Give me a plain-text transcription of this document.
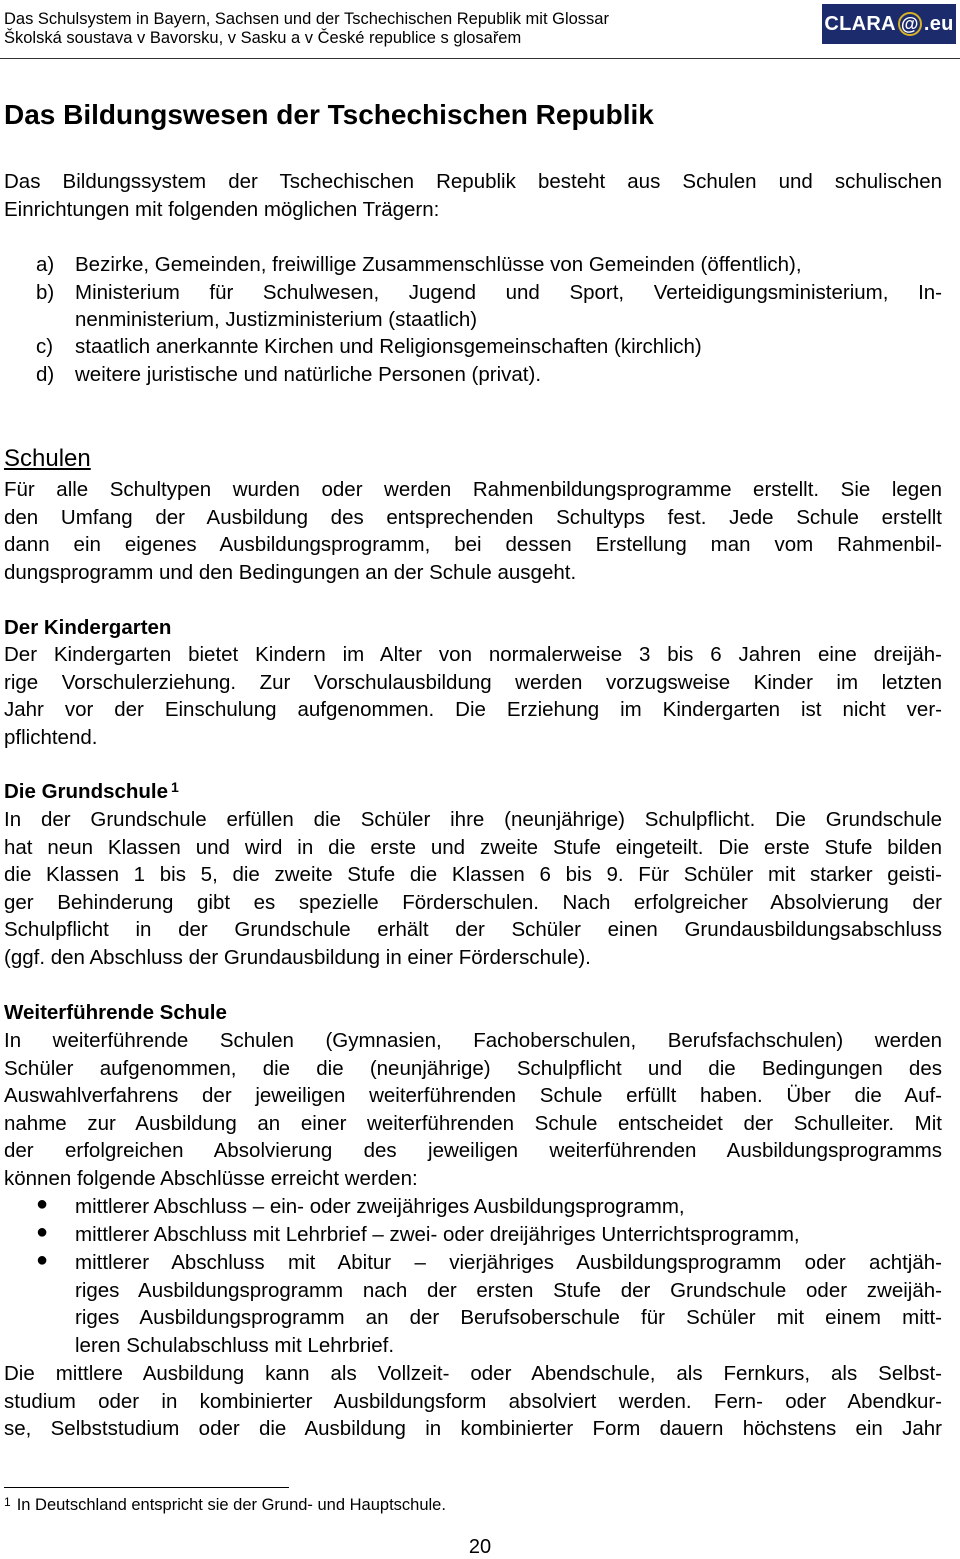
Das Schulsystem in Bayern, Sachsen und der Tschechischen Republik mit Glossar
Školská soustava v Bavorsku, v Sasku a v České republice s glosařem
CLARA @ .eu
Das Bildungswesen der Tschechischen Republik
Das Bildungssystem der Tschechischen Republik besteht aus Schulen und schulischen
Einrichtungen mit folgenden möglichen Trägern:
a) Bezirke, Gemeinden, freiwillige Zusammenschlüsse von Gemeinden (öffentlich),
b) Ministerium für Schulwesen, Jugend und Sport, Verteidigungsministerium, In-
nenministerium, Justizministerium (staatlich)
c) staatlich anerkannte Kirchen und Religionsgemeinschaften (kirchlich)
d) weitere juristische und natürliche Personen (privat).
Schulen
Für alle Schultypen wurden oder werden Rahmenbildungsprogramme erstellt. Sie legen
den Umfang der Ausbildung des entsprechenden Schultyps fest. Jede Schule erstellt
dann ein eigenes Ausbildungsprogramm, bei dessen Erstellung man vom Rahmenbil-
dungsprogramm und den Bedingungen an der Schule ausgeht.
Der Kindergarten
Der Kindergarten bietet Kindern im Alter von normalerweise 3 bis 6 Jahren eine dreijäh-
rige Vorschulerziehung. Zur Vorschulausbildung werden vorzugsweise Kinder im letzten
Jahr vor der Einschulung aufgenommen. Die Erziehung im Kindergarten ist nicht ver-
pflichtend.
Die Grundschule $^1$
In der Grundschule erfüllen die Schüler ihre (neunjährige) Schulpflicht. Die Grundschule
hat neun Klassen und wird in die erste und zweite Stufe eingeteilt. Die erste Stufe bilden
die Klassen 1 bis 5, die zweite Stufe die Klassen 6 bis 9. Für Schüler mit starker geisti-
ger Behinderung gibt es spezielle Förderschulen. Nach erfolgreicher Absolvierung der
Schulpflicht in der Grundschule erhält der Schüler einen Grundausbildungsabschluss
(ggf. den Abschluss der Grundausbildung in einer Förderschule).
Weiterführende Schule
In weiterführende Schulen (Gymnasien, Fachoberschulen, Berufsfachschulen) werden
Schüler aufgenommen, die die (neunjährige) Schulpflicht und die Bedingungen des
Auswahlverfahrens der jeweiligen weiterführenden Schule erfüllt haben. Über die Auf-
nahme zur Ausbildung an einer weiterführenden Schule entscheidet der Schulleiter. Mit
der erfolgreichen Absolvierung des jeweiligen weiterführenden Ausbildungsprogramms
können folgende Abschlüsse erreicht werden:
● mittlerer Abschluss – ein- oder zweijähriges Ausbildungsprogramm,
● mittlerer Abschluss mit Lehrbrief – zwei- oder dreijähriges Unterrichtsprogramm,
● mittlerer Abschluss mit Abitur – vierjähriges Ausbildungsprogramm oder achtjäh-
riges Ausbildungsprogramm nach der ersten Stufe der Grundschule oder zweijäh-
riges Ausbildungsprogramm an der Berufsoberschule für Schüler mit einem mitt-
leren Schulabschluss mit Lehrbrief.
Die mittlere Ausbildung kann als Vollzeit- oder Abendschule, als Fernkurs, als Selbst-
studium oder in kombinierter Ausbildungsform absolviert werden. Fern- oder Abendkur-
se, Selbststudium oder die Ausbildung in kombinierter Form dauern höchstens ein Jahr
$^1$ In Deutschland entspricht sie der Grund- und Hauptschule.
20
